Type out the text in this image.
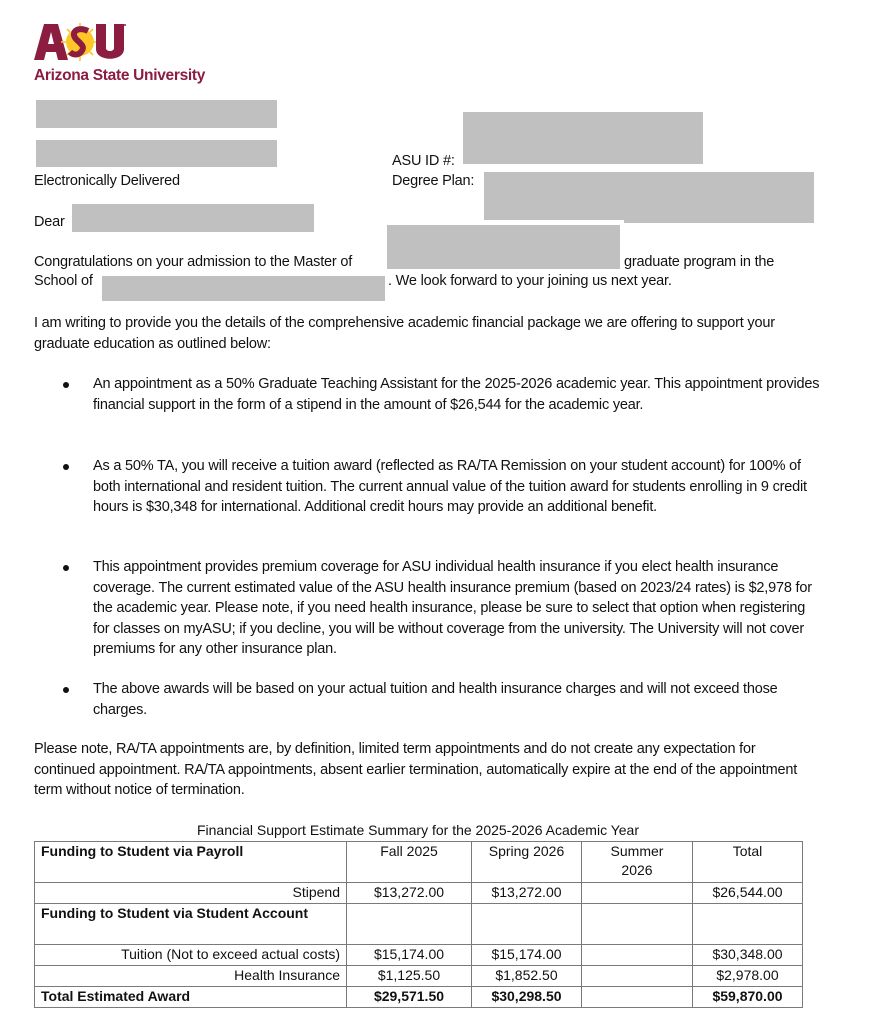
Arizona State University
Electronically Delivered
ASU ID #:
Degree Plan:
Dear
Congratulations on your admission to the Master of	graduate program in the
School of	. We look forward to your joining us next year.
I am writing to provide you the details of the comprehensive academic financial package we are offering to support your graduate education as outlined below:
An appointment as a 50% Graduate Teaching Assistant for the 2025-2026 academic year. This appointment provides financial support in the form of a stipend in the amount of $26,544 for the academic year.
As a 50% TA, you will receive a tuition award (reflected as RA/TA Remission on your student account) for 100% of both international and resident tuition. The current annual value of the tuition award for students enrolling in 9 credit hours is $30,348 for international. Additional credit hours may provide an additional benefit.
This appointment provides premium coverage for ASU individual health insurance if you elect health insurance coverage. The current estimated value of the ASU health insurance premium (based on 2023/24 rates) is $2,978 for the academic year. Please note, if you need health insurance, please be sure to select that option when registering for classes on myASU; if you decline, you will be without coverage from the university. The University will not cover premiums for any other insurance plan.
The above awards will be based on your actual tuition and health insurance charges and will not exceed those charges.
Please note, RA/TA appointments are, by definition, limited term appointments and do not create any expectation for continued appointment. RA/TA appointments, absent earlier termination, automatically expire at the end of the appointment term without notice of termination.
Financial Support Estimate Summary for the 2025-2026 Academic Year
Funding to Student via Payroll	Fall 2025	Spring 2026	Summer 2026	Total
Stipend	$13,272.00	$13,272.00		$26,544.00
Funding to Student via Student Account				
Tuition (Not to exceed actual costs)	$15,174.00	$15,174.00		$30,348.00
Health Insurance	$1,125.50	$1,852.50		$2,978.00
Total Estimated Award	$29,571.50	$30,298.50		$59,870.00
